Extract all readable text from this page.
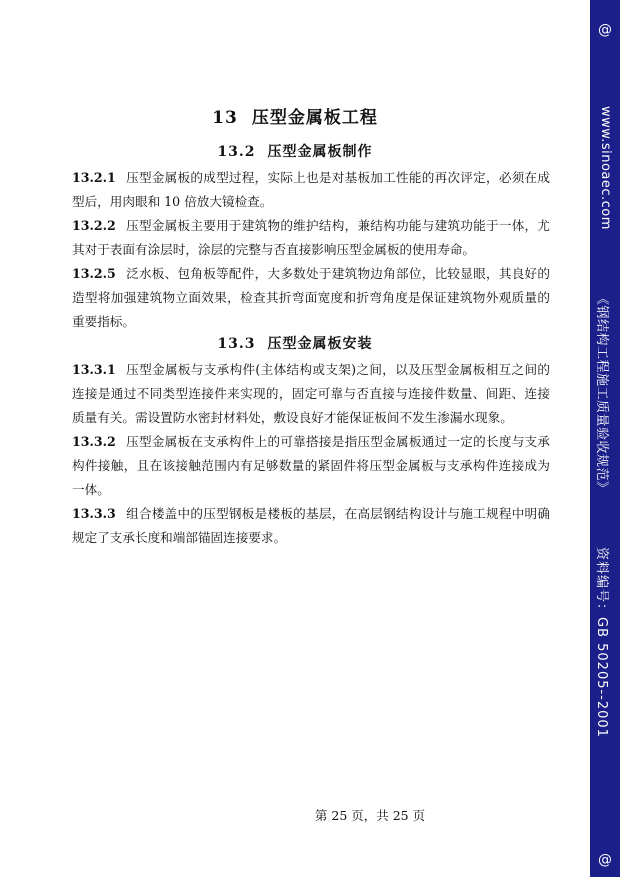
13 压型金属板工程
13.2 压型金属板制作

13.2.1 压型金属板的成型过程，实际上也是对基板加工性能的再次评定，必须在成型后，用肉眼和 10 倍放大镜检查。

13.2.2 压型金属板主要用于建筑物的维护结构，兼结构功能与建筑功能于一体，尤其对于表面有涂层时，涂层的完整与否直接影响压型金属板的使用寿命。

13.2.5 泛水板、包角板等配件，大多数处于建筑物边角部位，比较显眼，其良好的造型将加强建筑物立面效果，检查其折弯面宽度和折弯角度是保证建筑物外观质量的重要指标。

13.3 压型金属板安装

13.3.1 压型金属板与支承构件(主体结构或支架)之间，以及压型金属板相互之间的连接是通过不同类型连接件来实现的，固定可靠与否直接与连接件数量、间距、连接质量有关。需设置防水密封材料处，敷设良好才能保证板间不发生渗漏水现象。

13.3.2 压型金属板在支承构件上的可靠搭接是指压型金属板通过一定的长度与支承构件接触，且在该接触范围内有足够数量的紧固件将压型金属板与支承构件连接成为一体。

13.3.3 组合楼盖中的压型钢板是楼板的基层，在高层钢结构设计与施工规程中明确规定了支承长度和端部锚固连接要求。

第 25 页，共 25 页
@
www.sinoaec.com
《钢结构工程施工质量验收规范》
资料编号：GB 50205--2001
@
